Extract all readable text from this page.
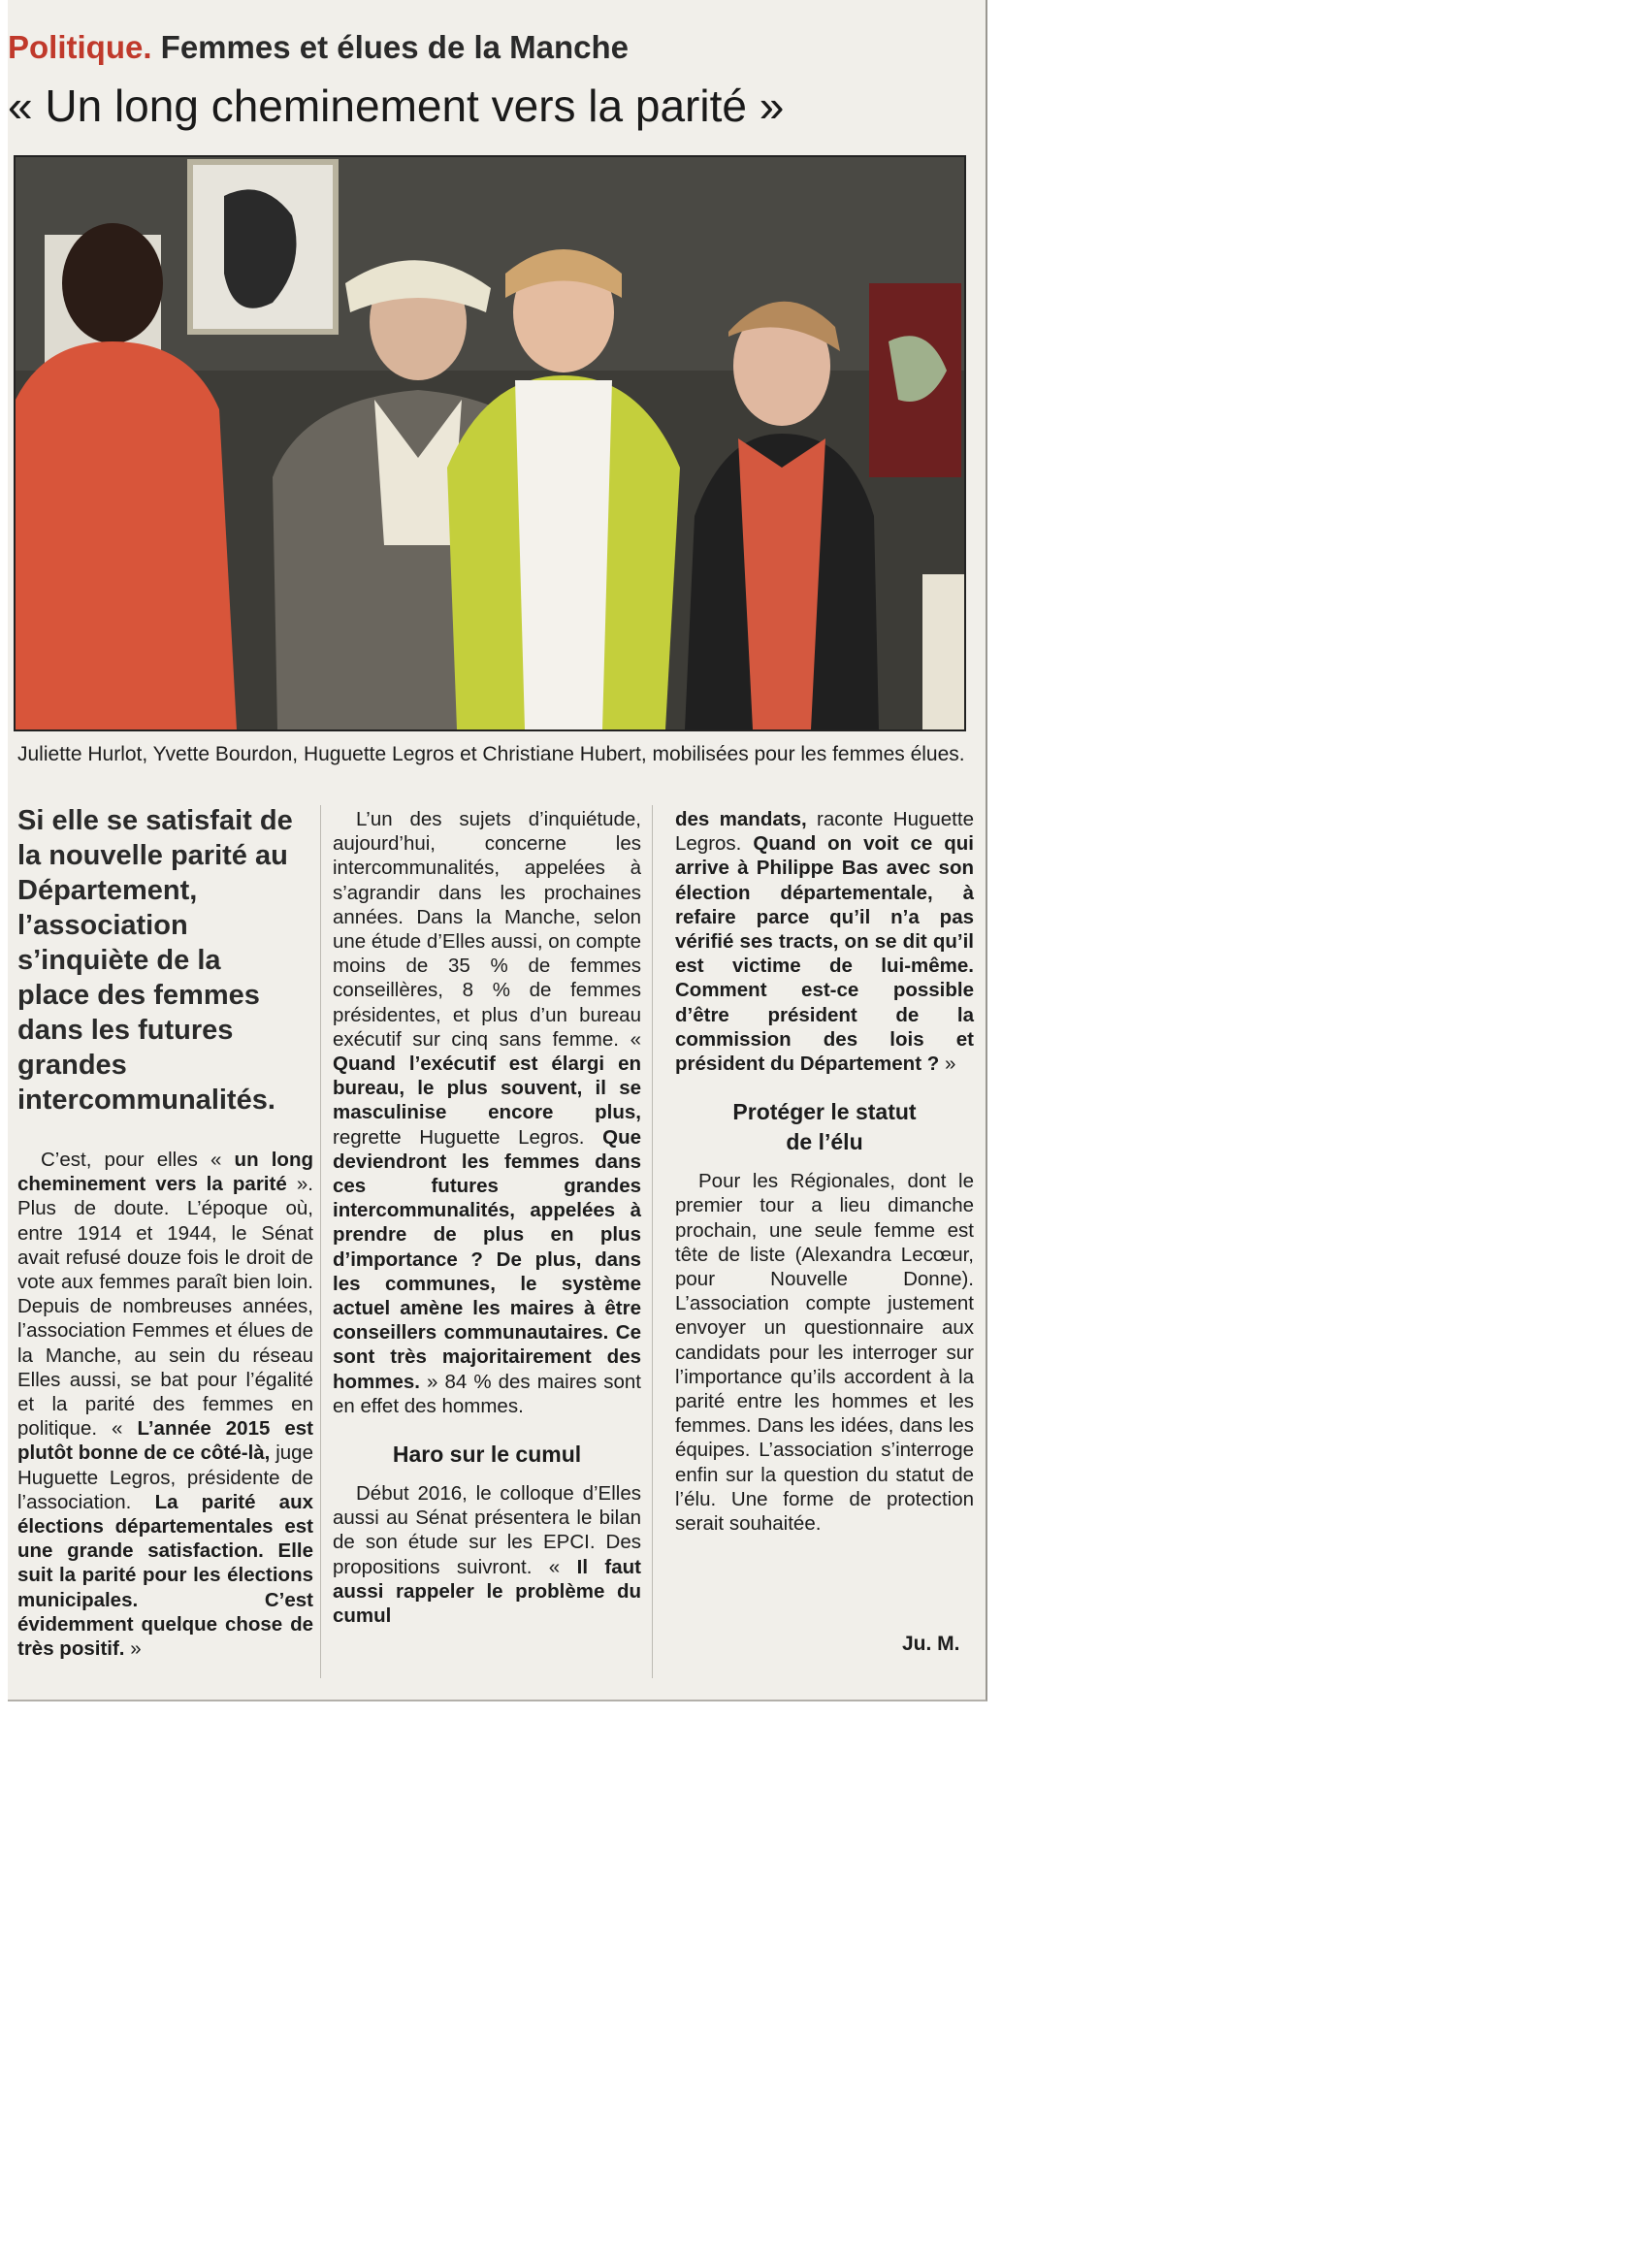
Politique. Femmes et élues de la Manche
« Un long cheminement vers la parité »
Juliette Hurlot, Yvette Bourdon, Huguette Legros et Christiane Hubert, mobilisées pour les femmes élues.
Si elle se satisfait de la nouvelle parité au Département, l’association s’inquiète de la place des femmes dans les futures grandes intercommunalités.

C’est, pour elles « un long cheminement vers la parité ». Plus de doute. L’époque où, entre 1914 et 1944, le Sénat avait refusé douze fois le droit de vote aux femmes paraît bien loin. Depuis de nombreuses années, l’association Femmes et élues de la Manche, au sein du réseau Elles aussi, se bat pour l’égalité et la parité des femmes en politique. « L’année 2015 est plutôt bonne de ce côté-là, juge Huguette Legros, présidente de l’association. La parité aux élections départementales est une grande satisfaction. Elle suit la parité pour les élections municipales. C’est évidemment quelque chose de très positif. »

L’un des sujets d’inquiétude, aujourd’hui, concerne les intercommunalités, appelées à s’agrandir dans les prochaines années. Dans la Manche, selon une étude d’Elles aussi, on compte moins de 35 % de femmes conseillères, 8 % de femmes présidentes, et plus d’un bureau exécutif sur cinq sans femme. « Quand l’exécutif est élargi en bureau, le plus souvent, il se masculinise encore plus, regrette Huguette Legros. Que deviendront les femmes dans ces futures grandes intercommunalités, appelées à prendre de plus en plus d’importance ? De plus, dans les communes, le système actuel amène les maires à être conseillers communautaires. Ce sont très majoritairement des hommes. » 84 % des maires sont en effet des hommes.

Haro sur le cumul

Début 2016, le colloque d’Elles aussi au Sénat présentera le bilan de son étude sur les EPCI. Des propositions suivront. « Il faut aussi rappeler le problème du cumul

des mandats, raconte Huguette Legros. Quand on voit ce qui arrive à Philippe Bas avec son élection départementale, à refaire parce qu’il n’a pas vérifié ses tracts, on se dit qu’il est victime de lui-même. Comment est-ce possible d’être président de la commission des lois et président du Département ? »

Protéger le statut de l’élu

Pour les Régionales, dont le premier tour a lieu dimanche prochain, une seule femme est tête de liste (Alexandra Lecœur, pour Nouvelle Donne). L’association compte justement envoyer un questionnaire aux candidats pour les interroger sur l’importance qu’ils accordent à la parité entre les hommes et les femmes. Dans les idées, dans les équipes. L’association s’interroge enfin sur la question du statut de l’élu. Une forme de protection serait souhaitée.

Ju. M.
